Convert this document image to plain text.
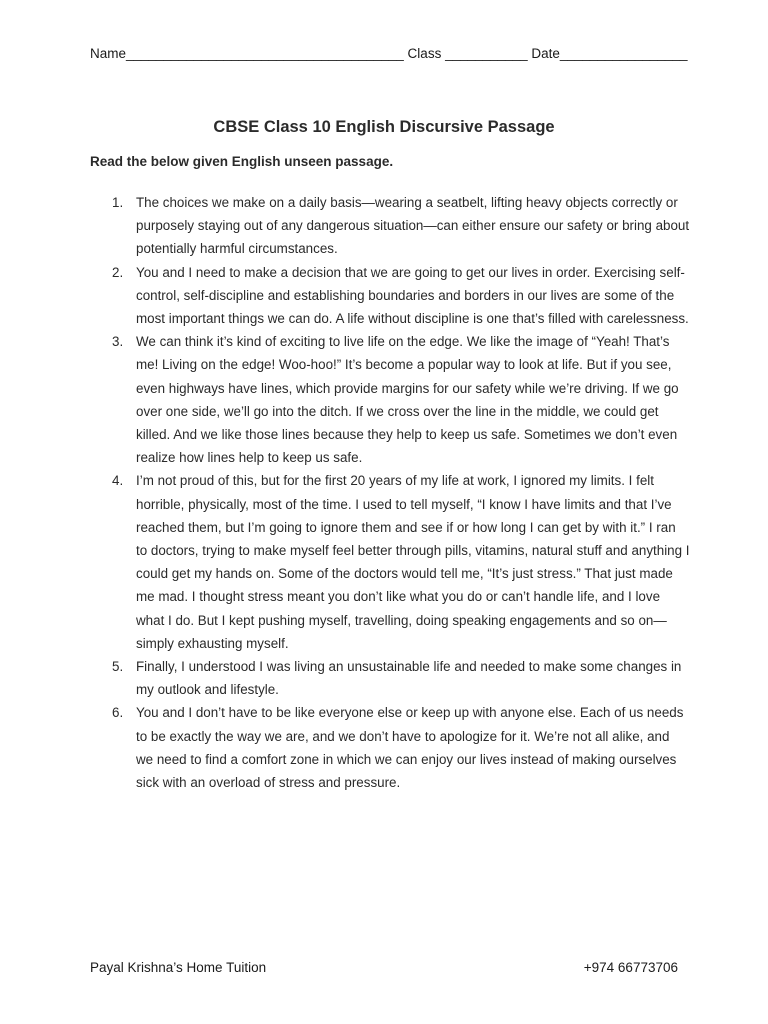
Name_____________________________________ Class ___________ Date_________________
CBSE Class 10 English Discursive Passage
Read the below given English unseen passage.
1. The choices we make on a daily basis—wearing a seatbelt, lifting heavy objects correctly or purposely staying out of any dangerous situation—can either ensure our safety or bring about potentially harmful circumstances.
2. You and I need to make a decision that we are going to get our lives in order. Exercising self-control, self-discipline and establishing boundaries and borders in our lives are some of the most important things we can do. A life without discipline is one that’s filled with carelessness.
3. We can think it’s kind of exciting to live life on the edge. We like the image of “Yeah! That’s me! Living on the edge! Woo-hoo!” It’s become a popular way to look at life. But if you see, even highways have lines, which provide margins for our safety while we’re driving. If we go over one side, we’ll go into the ditch. If we cross over the line in the middle, we could get killed. And we like those lines because they help to keep us safe. Sometimes we don’t even realize how lines help to keep us safe.
4. I’m not proud of this, but for the first 20 years of my life at work, I ignored my limits. I felt horrible, physically, most of the time. I used to tell myself, “I know I have limits and that I’ve reached them, but I’m going to ignore them and see if or how long I can get by with it.” I ran to doctors, trying to make myself feel better through pills, vitamins, natural stuff and anything I could get my hands on. Some of the doctors would tell me, “It’s just stress.” That just made me mad. I thought stress meant you don’t like what you do or can’t handle life, and I love what I do. But I kept pushing myself, travelling, doing speaking engagements and so on— simply exhausting myself.
5. Finally, I understood I was living an unsustainable life and needed to make some changes in my outlook and lifestyle.
6. You and I don’t have to be like everyone else or keep up with anyone else. Each of us needs to be exactly the way we are, and we don’t have to apologize for it. We’re not all alike, and we need to find a comfort zone in which we can enjoy our lives instead of making ourselves sick with an overload of stress and pressure.
Payal Krishna’s Home Tuition	+974 66773706
